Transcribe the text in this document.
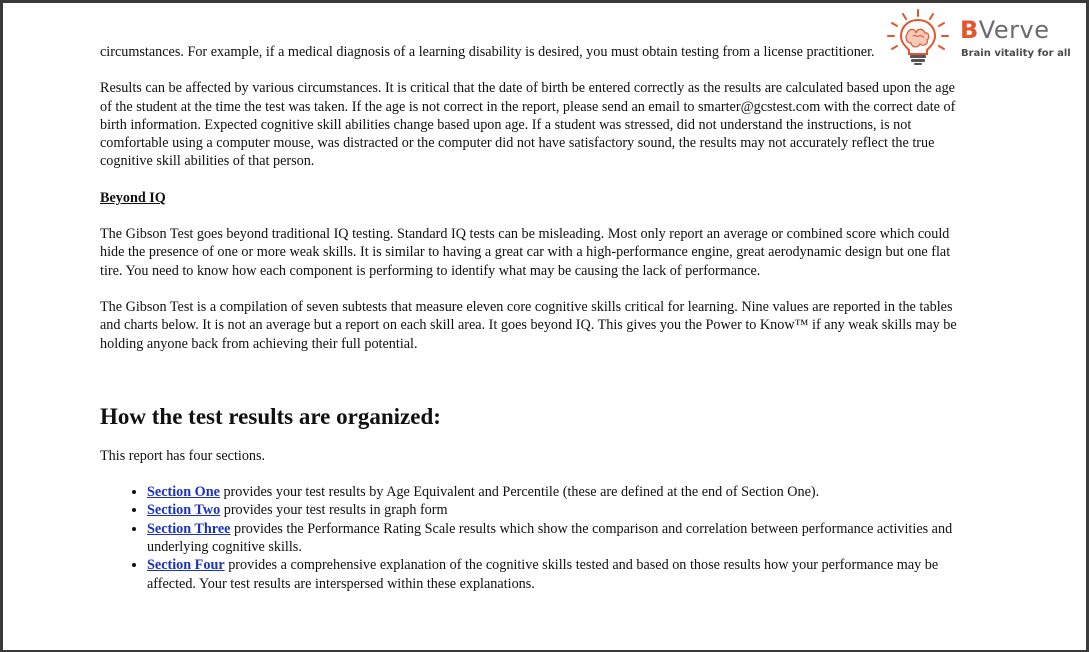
BVerve
Brain vitality for all

circumstances. For example, if a medical diagnosis of a learning disability is desired, you must obtain testing from a license practitioner.

Results can be affected by various circumstances. It is critical that the date of birth be entered correctly as the results are calculated based upon the age of the student at the time the test was taken. If the age is not correct in the report, please send an email to smarter@gcstest.com with the correct date of birth information. Expected cognitive skill abilities change based upon age. If a student was stressed, did not understand the instructions, is not comfortable using a computer mouse, was distracted or the computer did not have satisfactory sound, the results may not accurately reflect the true cognitive skill abilities of that person.

Beyond IQ

The Gibson Test goes beyond traditional IQ testing. Standard IQ tests can be misleading. Most only report an average or combined score which could hide the presence of one or more weak skills. It is similar to having a great car with a high-performance engine, great aerodynamic design but one flat tire. You need to know how each component is performing to identify what may be causing the lack of performance.

The Gibson Test is a compilation of seven subtests that measure eleven core cognitive skills critical for learning. Nine values are reported in the tables and charts below. It is not an average but a report on each skill area. It goes beyond IQ. This gives you the Power to Know™ if any weak skills may be holding anyone back from achieving their full potential.

How the test results are organized:

This report has four sections.

• Section One provides your test results by Age Equivalent and Percentile (these are defined at the end of Section One).
• Section Two provides your test results in graph form
• Section Three provides the Performance Rating Scale results which show the comparison and correlation between performance activities and underlying cognitive skills.
• Section Four provides a comprehensive explanation of the cognitive skills tested and based on those results how your performance may be affected. Your test results are interspersed within these explanations.
